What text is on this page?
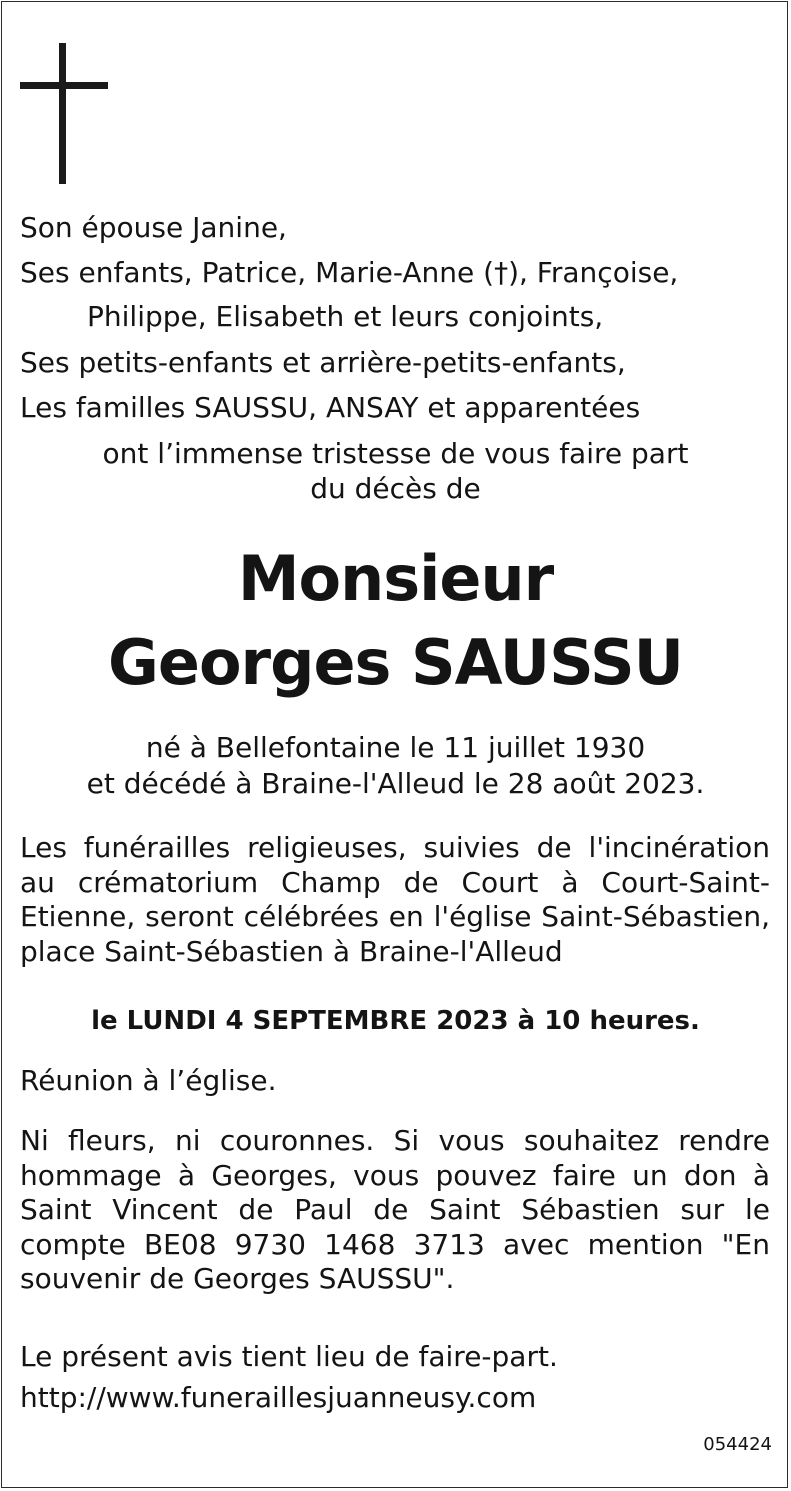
Son épouse Janine,
Ses enfants, Patrice, Marie-Anne (†), Françoise,
Philippe, Elisabeth et leurs conjoints,
Ses petits-enfants et arrière-petits-enfants,
Les familles SAUSSU, ANSAY et apparentées
ont l’immense tristesse de vous faire part
du décès de
Monsieur
Georges SAUSSU
né à Bellefontaine le 11 juillet 1930
et décédé à Braine-l'Alleud le 28 août 2023.
Les funérailles religieuses, suivies de l'incinération au crématorium Champ de Court à Court-Saint-Etienne, seront célébrées en l'église Saint-Sébastien, place Saint-Sébastien à Braine-l'Alleud
le LUNDI 4 SEPTEMBRE 2023 à 10 heures.
Réunion à l’église.
Ni fleurs, ni couronnes. Si vous souhaitez rendre hommage à Georges, vous pouvez faire un don à Saint Vincent de Paul de Saint Sébastien sur le compte BE08 9730 1468 3713 avec mention "En souvenir de Georges SAUSSU".
Le présent avis tient lieu de faire-part.
http://www.funeraillesjuanneusy.com
054424
